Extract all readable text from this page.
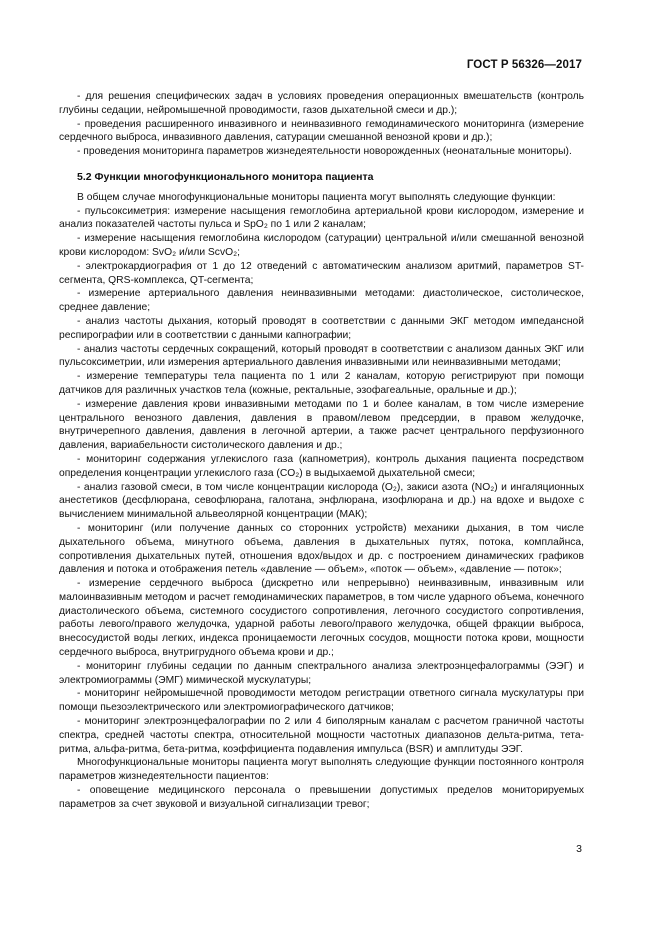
ГОСТ Р 56326—2017

- для решения специфических задач в условиях проведения операционных вмешательств (контроль глубины седации, нейромышечной проводимости, газов дыхательной смеси и др.);

- проведения расширенного инвазивного и неинвазивного гемодинамического мониторинга (измерение сердечного выброса, инвазивного давления, сатурации смешанной венозной крови и др.);

- проведения мониторинга параметров жизнедеятельности новорожденных (неонатальные мониторы).

5.2 Функции многофункционального монитора пациента

В общем случае многофункциональные мониторы пациента могут выполнять следующие функции:

- пульсоксиметрия: измерение насыщения гемоглобина артериальной крови кислородом, измерение и анализ показателей частоты пульса и SpO₂ по 1 или 2 каналам;

- измерение насыщения гемоглобина кислородом (сатурации) центральной и/или смешанной венозной крови кислородом: SvO₂ и/или ScvO₂;

- электрокардиография от 1 до 12 отведений с автоматическим анализом аритмий, параметров ST-сегмента, QRS-комплекса, QT-сегмента;

- измерение артериального давления неинвазивными методами: диастолическое, систолическое, среднее давление;

- анализ частоты дыхания, который проводят в соответствии с данными ЭКГ методом импедансной респирографии или в соответствии с данными капнографии;

- анализ частоты сердечных сокращений, который проводят в соответствии с анализом данных ЭКГ или пульсоксиметрии, или измерения артериального давления инвазивными или неинвазивными методами;

- измерение температуры тела пациента по 1 или 2 каналам, которую регистрируют при помощи датчиков для различных участков тела (кожные, ректальные, эзофагеальные, оральные и др.);

- измерение давления крови инвазивными методами по 1 и более каналам, в том числе измерение центрального венозного давления, давления в правом/левом предсердии, в правом желудочке, внутричерепного давления, давления в легочной артерии, а также расчет центрального перфузионного давления, вариабельности систолического давления и др.;

- мониторинг содержания углекислого газа (капнометрия), контроль дыхания пациента посредством определения концентрации углекислого газа (CO₂) в выдыхаемой дыхательной смеси;

- анализ газовой смеси, в том числе концентрации кислорода (O₂), закиси азота (NO₂) и ингаляционных анестетиков (десфлюрана, севофлюрана, галотана, энфлюрана, изофлюрана и др.) на вдохе и выдохе с вычислением минимальной альвеолярной концентрации (МАК);

- мониторинг (или получение данных со сторонних устройств) механики дыхания, в том числе дыхательного объема, минутного объема, давления в дыхательных путях, потока, комплайнса, сопротивления дыхательных путей, отношения вдох/выдох и др. с построением динамических графиков давления и потока и отображения петель «давление — объем», «поток — объем», «давление — поток»;

- измерение сердечного выброса (дискретно или непрерывно) неинвазивным, инвазивным или малоинвазивным методом и расчет гемодинамических параметров, в том числе ударного объема, конечного диастолического объема, системного сосудистого сопротивления, легочного сосудистого сопротивления, работы левого/правого желудочка, ударной работы левого/правого желудочка, общей фракции выброса, внесосудистой воды легких, индекса проницаемости легочных сосудов, мощности потока крови, мощности сердечного выброса, внутригрудного объема крови и др.;

- мониторинг глубины седации по данным спектрального анализа электроэнцефалограммы (ЭЭГ) и электромиограммы (ЭМГ) мимической мускулатуры;

- мониторинг нейромышечной проводимости методом регистрации ответного сигнала мускулатуры при помощи пьезоэлектрического или электромиографического датчиков;

- мониторинг электроэнцефалографии по 2 или 4 биполярным каналам с расчетом граничной частоты спектра, средней частоты спектра, относительной мощности частотных диапазонов дельта-ритма, тета-ритма, альфа-ритма, бета-ритма, коэффициента подавления импульса (BSR) и амплитуды ЭЭГ.

Многофункциональные мониторы пациента могут выполнять следующие функции постоянного контроля параметров жизнедеятельности пациентов:

- оповещение медицинского персонала о превышении допустимых пределов мониторируемых параметров за счет звуковой и визуальной сигнализации тревог;

3
